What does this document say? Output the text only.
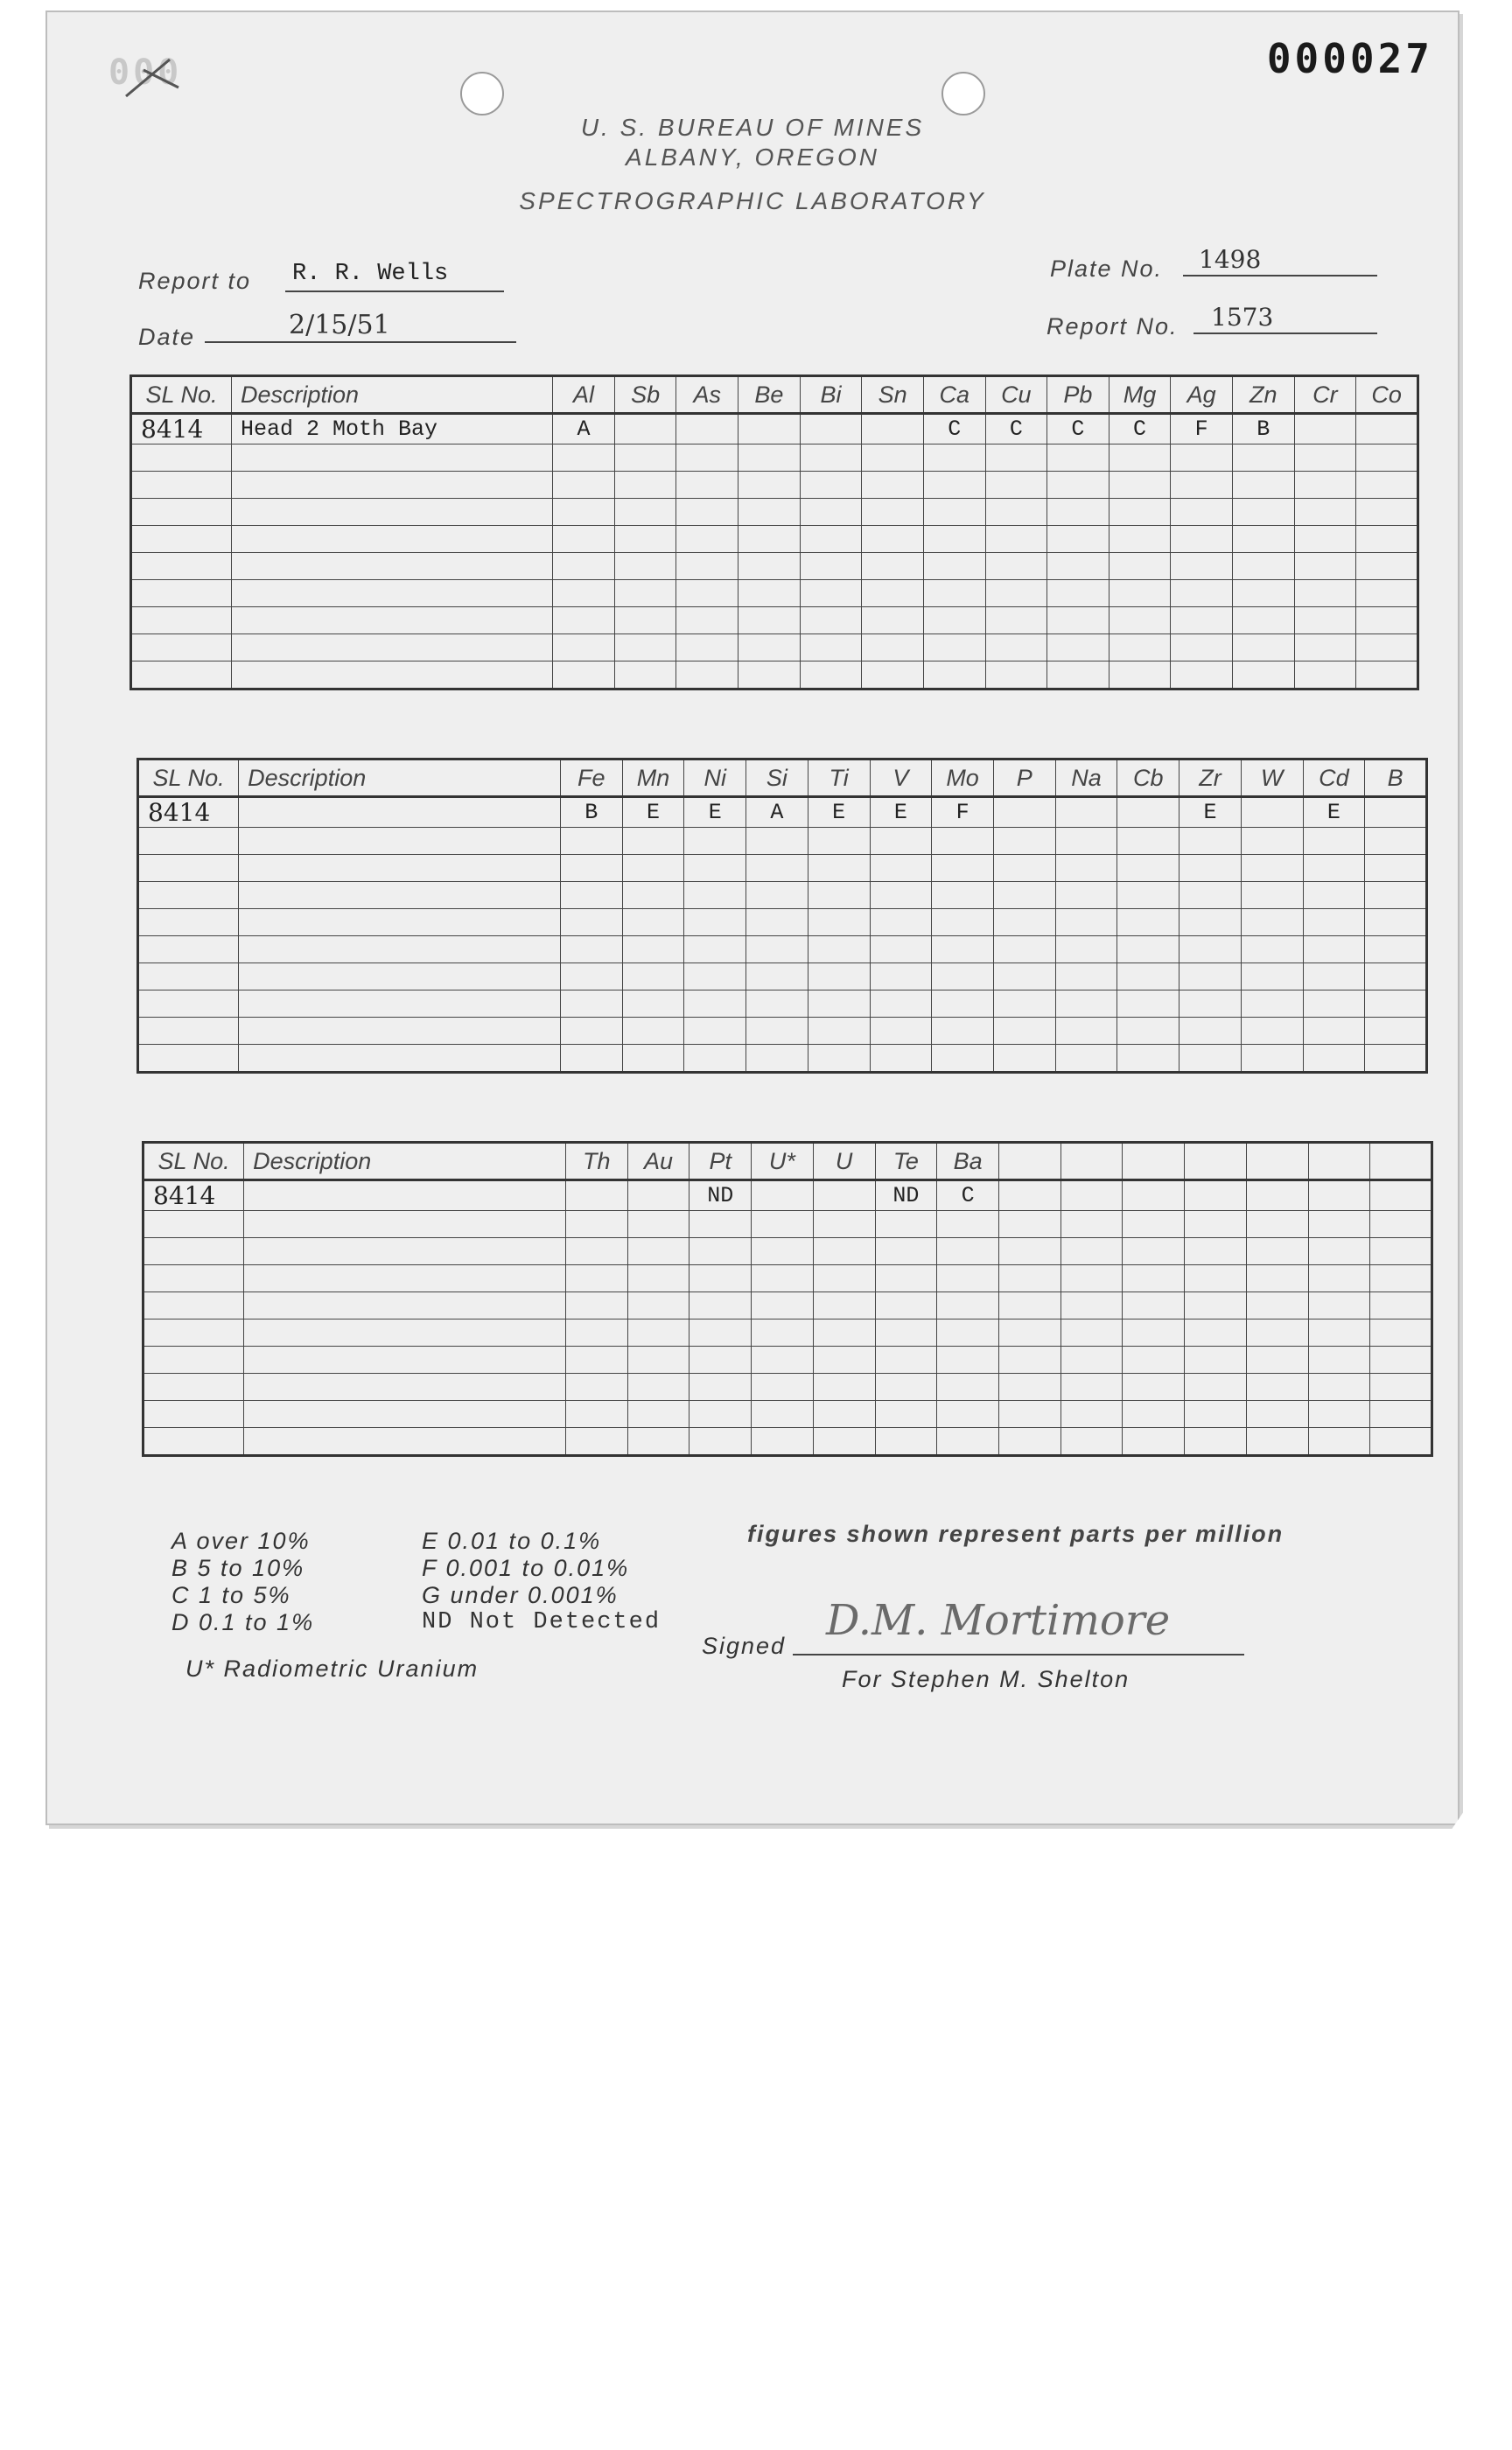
000	000027
U. S. BUREAU OF MINES
ALBANY, OREGON
SPECTROGRAPHIC LABORATORY
Report to R. R. Wells
Date	2/15/51
Plate No. 1498
Report No. 1573
SL No.	Description	Al	Sb	As	Be	Bi	Sn	Ca	Cu	Pb	Mg	Ag	Zn	Cr	Co
8414	Head 2 Moth Bay	A						C	C	C	C	F	B		

SL No.	Description	Fe	Mn	Ni	Si	Ti	V	Mo	P	Na	Cb	Zr	W	Cd	B
8414		B	E	E	A	E	E	F				E		E	

SL No.	Description	Th	Au	Pt	U*	U	Te	Ba							
8414				ND			ND	C							

A over 10%
B 5 to 10%
C 1 to 5%
D 0.1 to 1%
E 0.01 to 0.1%
F 0.001 to 0.01%
G under 0.001%
ND Not Detected
figures shown represent parts per million
U* Radiometric Uranium
Signed
D.M. Mortimore
For Stephen M. Shelton
